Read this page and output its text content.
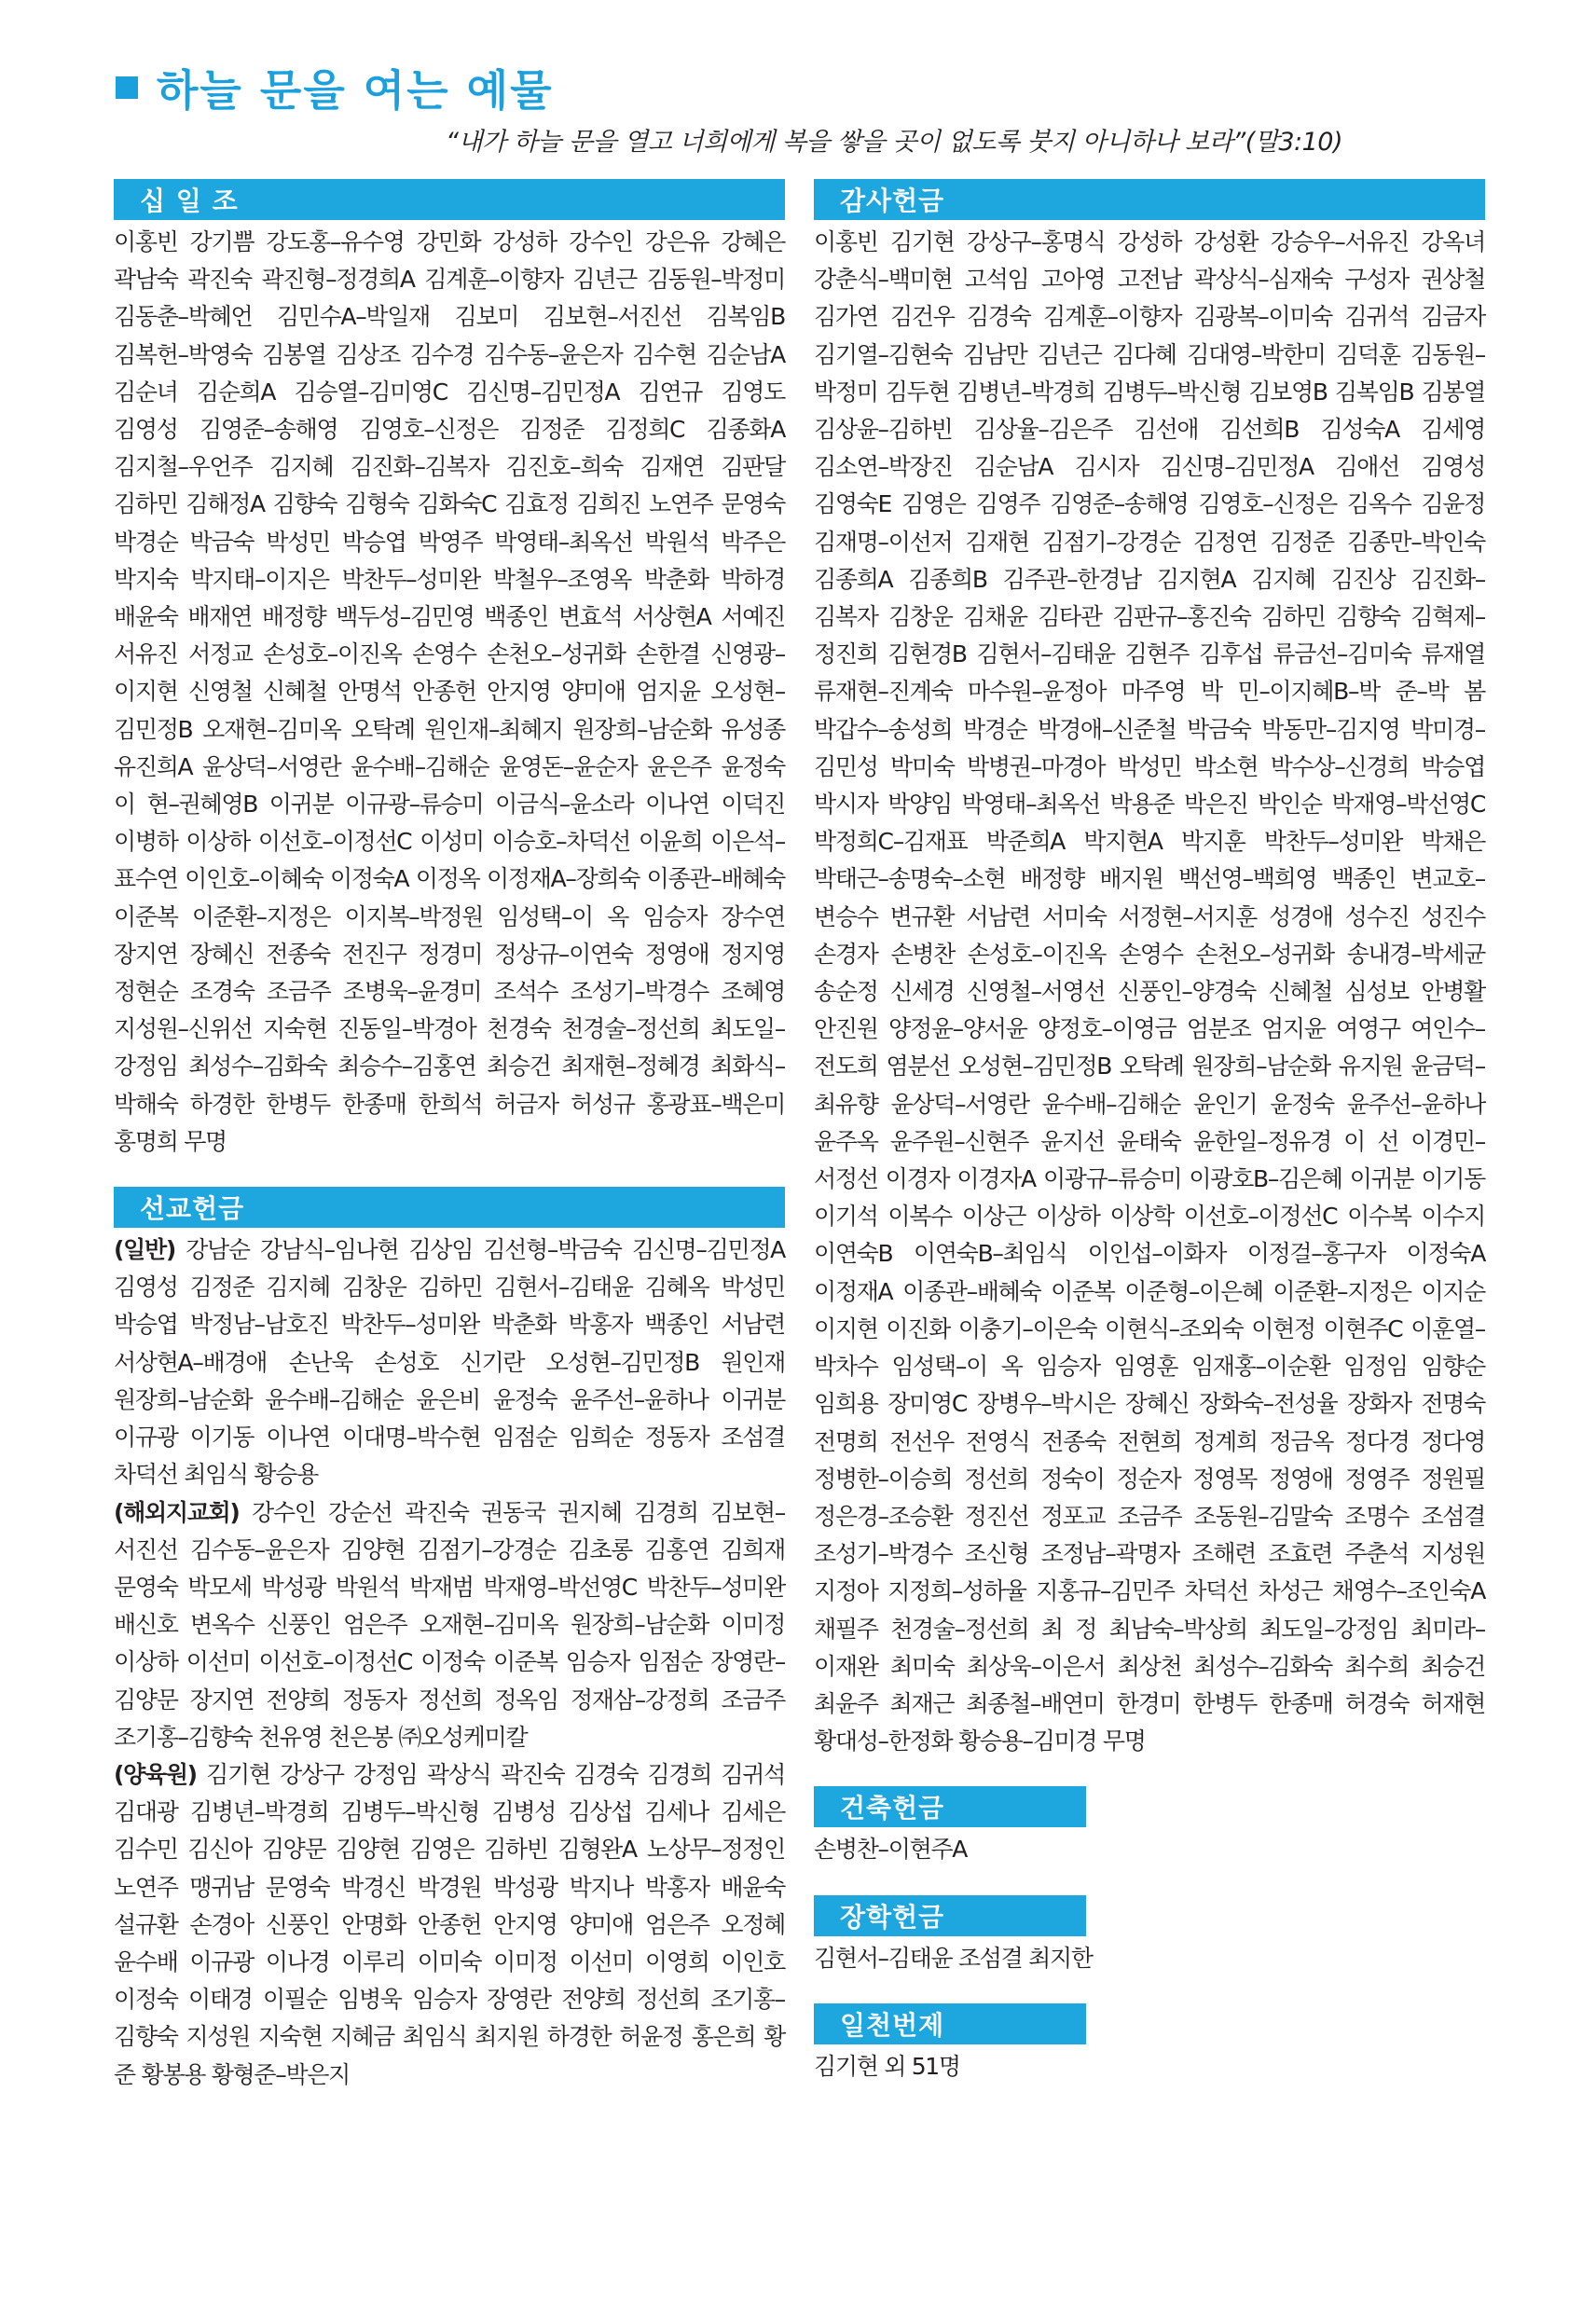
하늘 문을 여는 예물
“내가 하늘 문을 열고 너희에게 복을 쌓을 곳이 없도록 붓지 아니하나 보라”(말3:10)
십 일 조
이홍빈 강기쁨 강도홍–유수영 강민화 강성하 강수인 강은유 강혜은 곽남숙 곽진숙 곽진형–정경희A 김계훈–이향자 김년근 김동원–박정미 김동춘–박혜언 김민수A–박일재 김보미 김보현–서진선 김복임B 김복헌–박영숙 김봉열 김상조 김수경 김수동–윤은자 김수현 김순남A 김순녀 김순희A 김승열–김미영C 김신명–김민정A 김연규 김영도 김영성 김영준–송해영 김영호–신정은 김정준 김정희C 김종화A 김지철–우언주 김지혜 김진화–김복자 김진호–희숙 김재연 김판달 김하민 김해정A 김향숙 김형숙 김화숙C 김효정 김희진 노연주 문영숙 박경순 박금숙 박성민 박승엽 박영주 박영태–최옥선 박원석 박주은 박지숙 박지태–이지은 박찬두–성미완 박철우–조영옥 박춘화 박하경 배윤숙 배재연 배정향 백두성–김민영 백종인 변효석 서상현A 서예진 서유진 서정교 손성호–이진옥 손영수 손천오–성귀화 손한결 신영광–이지현 신영철 신혜철 안명석 안종헌 안지영 양미애 엄지윤 오성현–김민정B 오재현–김미옥 오탁례 원인재–최혜지 원장희–남순화 유성종 유진희A 윤상덕–서영란 윤수배–김해순 윤영돈–윤순자 윤은주 윤정숙 이 현–권혜영B 이귀분 이규광–류승미 이금식–윤소라 이나연 이덕진 이병하 이상하 이선호–이정선C 이성미 이승호–차덕선 이윤희 이은석–표수연 이인호–이혜숙 이정숙A 이정옥 이정재A–장희숙 이종관–배혜숙 이준복 이준환–지정은 이지복–박정원 임성택–이 옥 임승자 장수연 장지연 장혜신 전종숙 전진구 정경미 정상규–이연숙 정영애 정지영 정현순 조경숙 조금주 조병욱–윤경미 조석수 조성기–박경수 조혜영 지성원–신위선 지숙현 진동일–박경아 천경숙 천경술–정선희 최도일–강정임 최성수–김화숙 최승수–김홍연 최승건 최재현–정혜경 최화식–박해숙 하경한 한병두 한종매 한희석 허금자 허성규 홍광표–백은미 홍명희 무명
선교헌금
(일반) 강남순 강남식–임나현 김상임 김선형–박금숙 김신명–김민정A 김영성 김정준 김지혜 김창운 김하민 김현서–김태윤 김혜옥 박성민 박승엽 박정남–남호진 박찬두–성미완 박춘화 박홍자 백종인 서남련 서상현A–배경애 손난욱 손성호 신기란 오성현–김민정B 원인재 원장희–남순화 윤수배–김해순 윤은비 윤정숙 윤주선–윤하나 이귀분 이규광 이기동 이나연 이대명–박수현 임점순 임희순 정동자 조섬결 차덕선 최임식 황승용
(해외지교회) 강수인 강순선 곽진숙 권동국 권지혜 김경희 김보현–서진선 김수동–윤은자 김양현 김점기–강경순 김초롱 김홍연 김희재 문영숙 박모세 박성광 박원석 박재범 박재영–박선영C 박찬두–성미완 배신호 변옥수 신풍인 엄은주 오재현–김미옥 원장희–남순화 이미정 이상하 이선미 이선호–이정선C 이정숙 이준복 임승자 임점순 장영란–김양문 장지연 전양희 정동자 정선희 정옥임 정재삼–강정희 조금주 조기홍–김향숙 천유영 천은봉 ㈜오성케미칼
(양육원) 김기현 강상구 강정임 곽상식 곽진숙 김경숙 김경희 김귀석 김대광 김병년–박경희 김병두–박신형 김병성 김상섭 김세나 김세은 김수민 김신아 김양문 김양현 김영은 김하빈 김형완A 노상무–정정인 노연주 맹귀남 문영숙 박경신 박경원 박성광 박지나 박홍자 배윤숙 설규환 손경아 신풍인 안명화 안종헌 안지영 양미애 엄은주 오정혜 윤수배 이규광 이나경 이루리 이미숙 이미정 이선미 이영희 이인호 이정숙 이태경 이필순 임병욱 임승자 장영란 전양희 정선희 조기홍–김향숙 지성원 지숙현 지혜금 최임식 최지원 하경한 허윤정 홍은희 황 준 황봉용 황형준–박은지
감사헌금
이홍빈 김기현 강상구–홍명식 강성하 강성환 강승우–서유진 강옥녀 강춘식–백미현 고석임 고아영 고전남 곽상식–심재숙 구성자 권상철 김가연 김건우 김경숙 김계훈–이향자 김광복–이미숙 김귀석 김금자 김기열–김현숙 김남만 김년근 김다혜 김대영–박한미 김덕훈 김동원–박정미 김두현 김병년–박경희 김병두–박신형 김보영B 김복임B 김봉열 김상윤–김하빈 김상율–김은주 김선애 김선희B 김성숙A 김세영 김소연–박장진 김순남A 김시자 김신명–김민정A 김애선 김영성 김영숙E 김영은 김영주 김영준–송해영 김영호–신정은 김옥수 김윤정 김재명–이선저 김재현 김점기–강경순 김정연 김정준 김종만–박인숙 김종희A 김종희B 김주관–한경남 김지현A 김지혜 김진상 김진화–김복자 김창운 김채윤 김타관 김판규–홍진숙 김하민 김향숙 김혁제–정진희 김현경B 김현서–김태윤 김현주 김후섭 류금선–김미숙 류재열 류재현–진계숙 마수원–윤정아 마주영 박 민–이지혜B–박 준–박 봄 박갑수–송성희 박경순 박경애–신준철 박금숙 박동만–김지영 박미경–김민성 박미숙 박병권–마경아 박성민 박소현 박수상–신경희 박승엽 박시자 박양임 박영태–최옥선 박용준 박은진 박인순 박재영–박선영C 박정희C–김재표 박준희A 박지현A 박지훈 박찬두–성미완 박채은 박태근–송명숙–소현 배정향 배지원 백선영–백희영 백종인 변교호–변승수 변규환 서남련 서미숙 서정현–서지훈 성경애 성수진 성진수 손경자 손병찬 손성호–이진옥 손영수 손천오–성귀화 송내경–박세균 송순정 신세경 신영철–서영선 신풍인–양경숙 신혜철 심성보 안병활 안진원 양정윤–양서윤 양정호–이영금 엄분조 엄지윤 여영구 여인수–전도희 염분선 오성현–김민정B 오탁례 원장희–남순화 유지원 윤금덕–최유향 윤상덕–서영란 윤수배–김해순 윤인기 윤정숙 윤주선–윤하나 윤주옥 윤주원–신현주 윤지선 윤태숙 윤한일–정유경 이 선 이경민–서정선 이경자 이경자A 이광규–류승미 이광호B–김은혜 이귀분 이기동 이기석 이복수 이상근 이상하 이상학 이선호–이정선C 이수복 이수지 이연숙B 이연숙B–최임식 이인섭–이화자 이정걸–홍구자 이정숙A 이정재A 이종관–배혜숙 이준복 이준형–이은혜 이준환–지정은 이지순 이지현 이진화 이충기–이은숙 이현식–조외숙 이현정 이현주C 이훈열–박차수 임성택–이 옥 임승자 임영훈 임재홍–이순환 임정임 임향순 임희용 장미영C 장병우–박시은 장혜신 장화숙–전성율 장화자 전명숙 전명희 전선우 전영식 전종숙 전현희 정계희 정금옥 정다경 정다영 정병한–이승희 정선희 정숙이 정순자 정영목 정영애 정영주 정원필 정은경–조승환 정진선 정포교 조금주 조동원–김말숙 조명수 조섬결 조성기–박경수 조신형 조정남–곽명자 조해련 조효련 주춘석 지성원 지정아 지정희–성하율 지홍규–김민주 차덕선 차성근 채영수–조인숙A 채필주 천경술–정선희 최 정 최남숙–박상희 최도일–강정임 최미라–이재완 최미숙 최상욱–이은서 최상천 최성수–김화숙 최수희 최승건 최윤주 최재근 최종철–배연미 한경미 한병두 한종매 허경숙 허재현 황대성–한정화 황승용–김미경 무명
건축헌금
손병찬–이현주A
장학헌금
김현서–김태윤 조섬결 최지한
일천번제
김기현 외 51명
